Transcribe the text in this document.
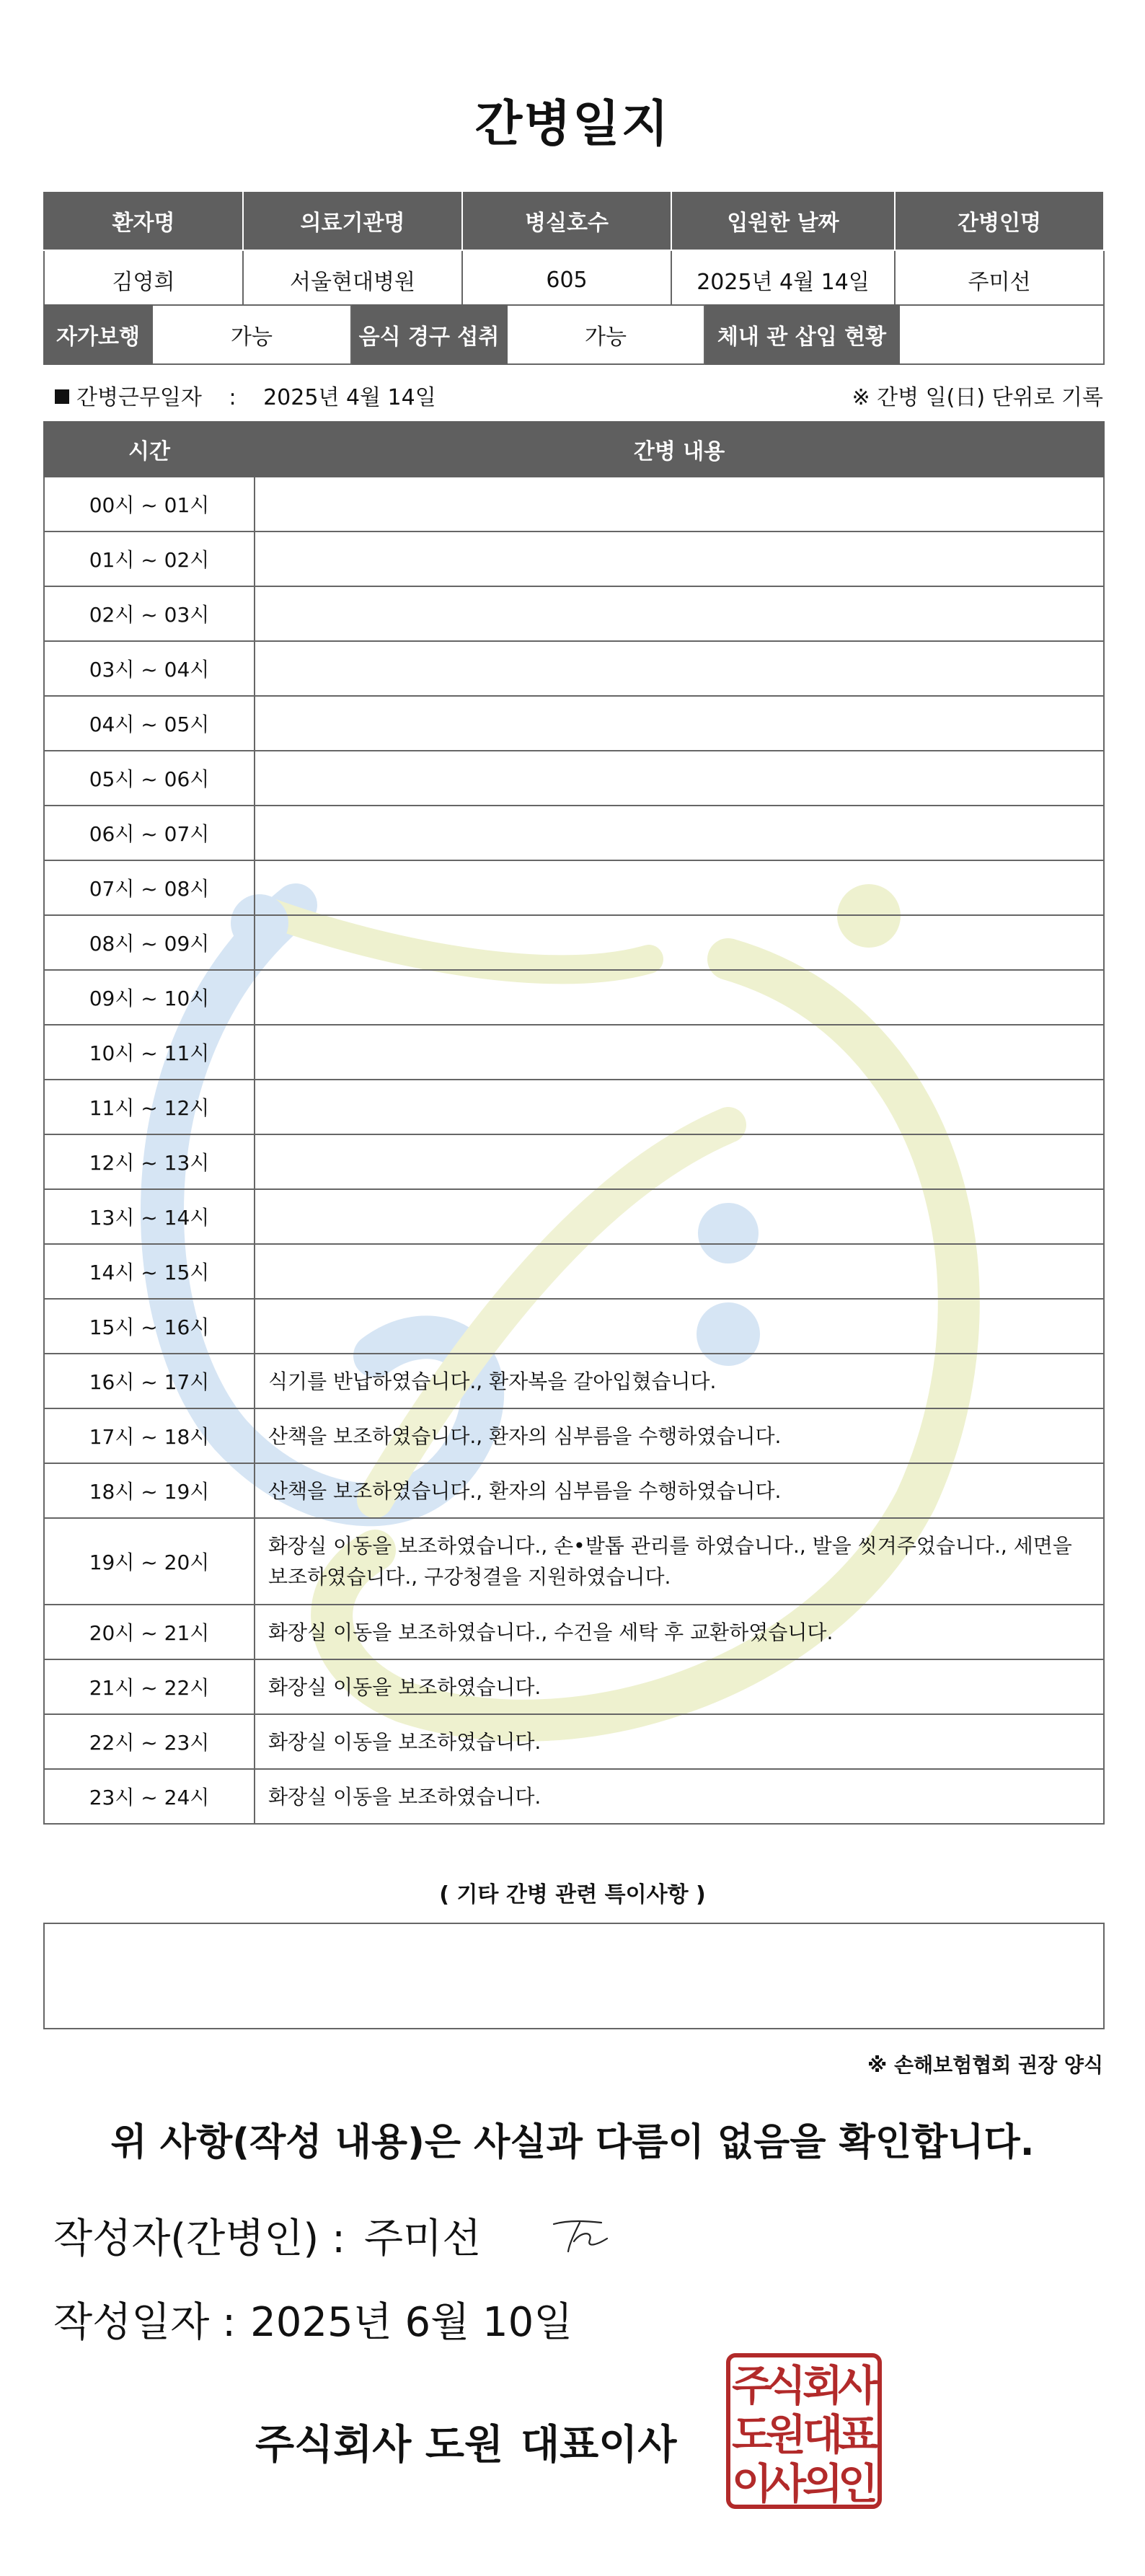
간병일지
환자명	의료기관명	병실호수	입원한 날짜	간병인명
김영희	서울현대병원	605	2025년 4월 14일	주미선
자가보행	가능	음식 경구 섭취	가능	체내 관 삽입 현황	
간병근무일자 : 2025년 4월 14일	※ 간병 일(日) 단위로 기록
시간	간병 내용
00시 ~ 01시	
01시 ~ 02시	
02시 ~ 03시	
03시 ~ 04시	
04시 ~ 05시	
05시 ~ 06시	
06시 ~ 07시	
07시 ~ 08시	
08시 ~ 09시	
09시 ~ 10시	
10시 ~ 11시	
11시 ~ 12시	
12시 ~ 13시	
13시 ~ 14시	
14시 ~ 15시	
15시 ~ 16시	
16시 ~ 17시	식기를 반납하였습니다., 환자복을 갈아입혔습니다.
17시 ~ 18시	산책을 보조하였습니다., 환자의 심부름을 수행하였습니다.
18시 ~ 19시	산책을 보조하였습니다., 환자의 심부름을 수행하였습니다.
19시 ~ 20시	화장실 이동을 보조하였습니다., 손•발톱 관리를 하였습니다., 발을 씻겨주었습니다., 세면을 보조하였습니다., 구강청결을 지원하였습니다.
20시 ~ 21시	화장실 이동을 보조하였습니다., 수건을 세탁 후 교환하였습니다.
21시 ~ 22시	화장실 이동을 보조하였습니다.
22시 ~ 23시	화장실 이동을 보조하였습니다.
23시 ~ 24시	화장실 이동을 보조하였습니다.
( 기타 간병 관련 특이사항 )
※ 손해보험협회 권장 양식
위 사항(작성 내용)은 사실과 다름이 없음을 확인합니다.
작성자(간병인) : 주미선
작성일자 : 2025년 6월 10일
주식회사 도원 대표이사
주
식
회
사
도
원
대
표
이
사
의
인
